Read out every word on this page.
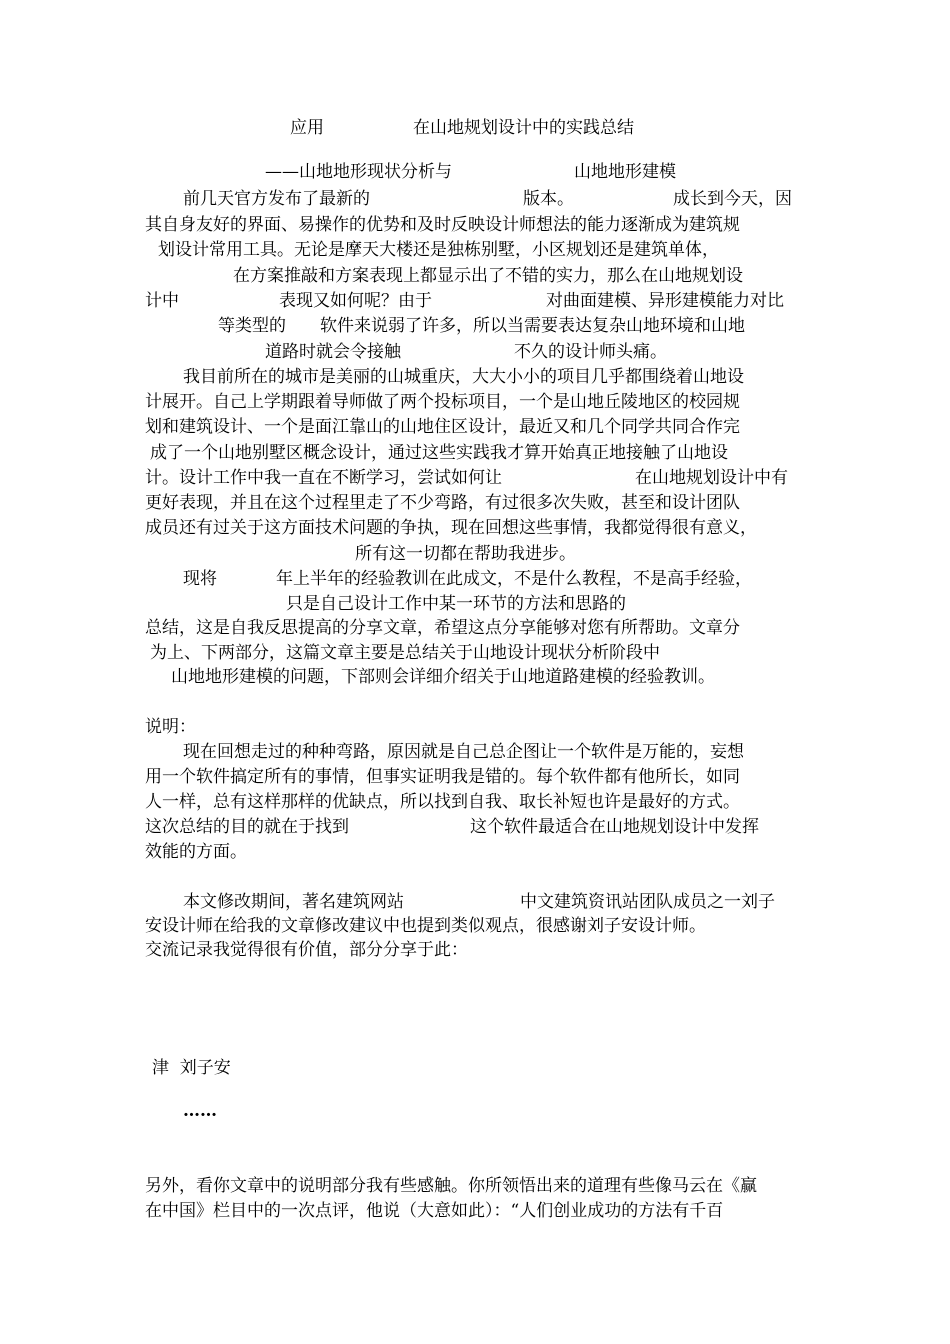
应用	在山地规划设计中的实践总结
——山地地形现状分析与	山地地形建模
前几天官方发布了最新的	版本。	成长到今天，因
其自身友好的界面、易操作的优势和及时反映设计师想法的能力逐渐成为建筑规
划设计常用工具。无论是摩天大楼还是独栋别墅，小区规划还是建筑单体，
在方案推敲和方案表现上都显示出了不错的实力，那么在山地规划设
计中	表现又如何呢？由于	对曲面建模、异形建模能力对比
等类型的 软件来说弱了许多，所以当需要表达复杂山地环境和山地
道路时就会令接触	不久的设计师头痛。
我目前所在的城市是美丽的山城重庆，大大小小的项目几乎都围绕着山地设
计展开。自己上学期跟着导师做了两个投标项目，一个是山地丘陵地区的校园规
划和建筑设计、一个是面江靠山的山地住区设计，最近又和几个同学共同合作完
成了一个山地别墅区概念设计，通过这些实践我才算开始真正地接触了山地设
计。设计工作中我一直在不断学习，尝试如何让	在山地规划设计中有
更好表现，并且在这个过程里走了不少弯路，有过很多次失败，甚至和设计团队
成员还有过关于这方面技术问题的争执，现在回想这些事情，我都觉得很有意义，
所有这一切都在帮助我进步。
现将	年上半年的经验教训在此成文，不是什么教程，不是高手经验，
只是自己设计工作中某一环节的方法和思路的
总结，这是自我反思提高的分享文章，希望这点分享能够对您有所帮助。文章分
为上、下两部分，这篇文章主要是总结关于山地设计现状分析阶段中
山地地形建模的问题，下部则会详细介绍关于山地道路建模的经验教训。
说明：
现在回想走过的种种弯路，原因就是自己总企图让一个软件是万能的，妄想
用一个软件搞定所有的事情，但事实证明我是错的。每个软件都有他所长，如同
人一样，总有这样那样的优缺点，所以找到自我、取长补短也许是最好的方式。
这次总结的目的就在于找到	这个软件最适合在山地规划设计中发挥
效能的方面。
本文修改期间，著名建筑网站	中文建筑资讯站团队成员之一刘子
安设计师在给我的文章修改建议中也提到类似观点，很感谢刘子安设计师。
交流记录我觉得很有价值，部分分享于此：
津  刘子安
……
另外，看你文章中的说明部分我有些感触。你所领悟出来的道理有些像马云在《赢
在中国》栏目中的一次点评，他说（大意如此）：“人们创业成功的方法有千百
